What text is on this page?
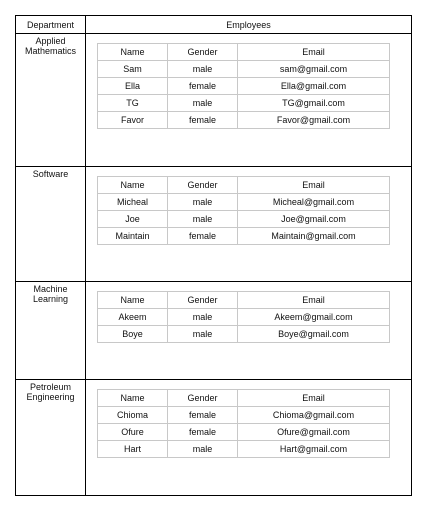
Department	Employees

Applied Mathematics
		Name	Gender	Email
Sam	male	sam@gmail.com
Ella	female	Ella@gmail.com
TG	male	TG@gmail.com
Favor	female	Favor@gmail.com

Software

Name	Gender	Email
Micheal	male	Micheal@gmail.com
Joe	male	Joe@gmail.com
Maintain	female	Maintain@gmail.com

Machine Learning
		Name	Gender	Email
Akeem	male	Akeem@gmail.com
Boye	male	Boye@gmail.com

Petroleum Engineering
		Name	Gender	Email
Chioma	female	Chioma@gmail.com
Ofure	female	Ofure@gmail.com
Hart	male	Hart@gmail.com
